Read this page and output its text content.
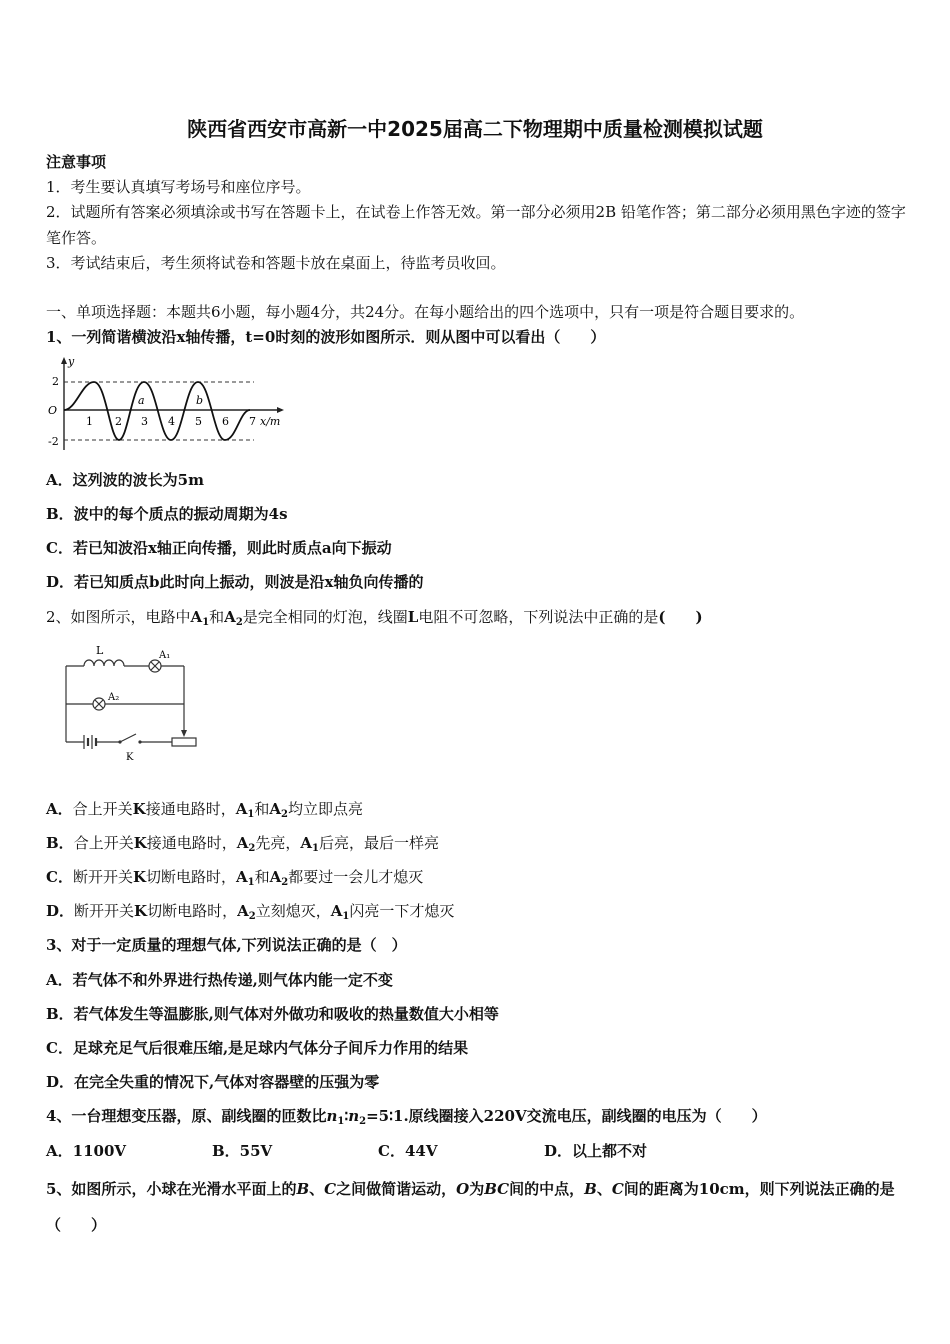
陕西省西安市高新一中2025届高二下物理期中质量检测模拟试题
注意事项
1．考生要认真填写考场号和座位序号。
2．试题所有答案必须填涂或书写在答题卡上，在试卷上作答无效。第一部分必须用2B 铅笔作答；第二部分必须用黑色字迹的签字笔作答。
3．考试结束后，考生须将试卷和答题卡放在桌面上，待监考员收回。
一、单项选择题：本题共6小题，每小题4分，共24分。在每小题给出的四个选项中，只有一项是符合题目要求的。
1、一列简谐横波沿x轴传播，t=0时刻的波形如图所示．则从图中可以看出（　　）
y
2
O
-2
1 2 3 4 5 6 7 x/m
a	b
A．这列波的波长为5m
B．波中的每个质点的振动周期为4s
C．若已知波沿x轴正向传播，则此时质点a向下振动
D．若已知质点b此时向上振动，则波是沿x轴负向传播的
2、如图所示，电路中$A_1$和$A_2$是完全相同的灯泡，线圈L电阻不可忽略，下列说法中正确的是(　　)
L	A₁
A₂
K
A．合上开关K接通电路时，$A_1$和$A_2$均立即点亮
B．合上开关K接通电路时，$A_2$先亮，$A_1$后亮，最后一样亮
C．断开开关K切断电路时，$A_1$和$A_2$都要过一会儿才熄灭
D．断开开关K切断电路时，$A_2$立刻熄灭，$A_1$闪亮一下才熄灭
3、对于一定质量的理想气体,下列说法正确的是（　）
A．若气体不和外界进行热传递,则气体内能一定不变
B．若气体发生等温膨胀,则气体对外做功和吸收的热量数值大小相等
C．足球充足气后很难压缩,是足球内气体分子间斥力作用的结果
D．在完全失重的情况下,气体对容器壁的压强为零
4、一台理想变压器，原、副线圈的匝数比$n_1∶n_2=5∶1$.原线圈接入220V交流电压，副线圈的电压为（　　）
A．1100V	B．55V	C．44V	D．以上都不对
5、如图所示，小球在光滑水平面上的B、C之间做简谐运动，O为BC间的中点，B、C间的距离为10cm，则下列说法正确的是（　　）
